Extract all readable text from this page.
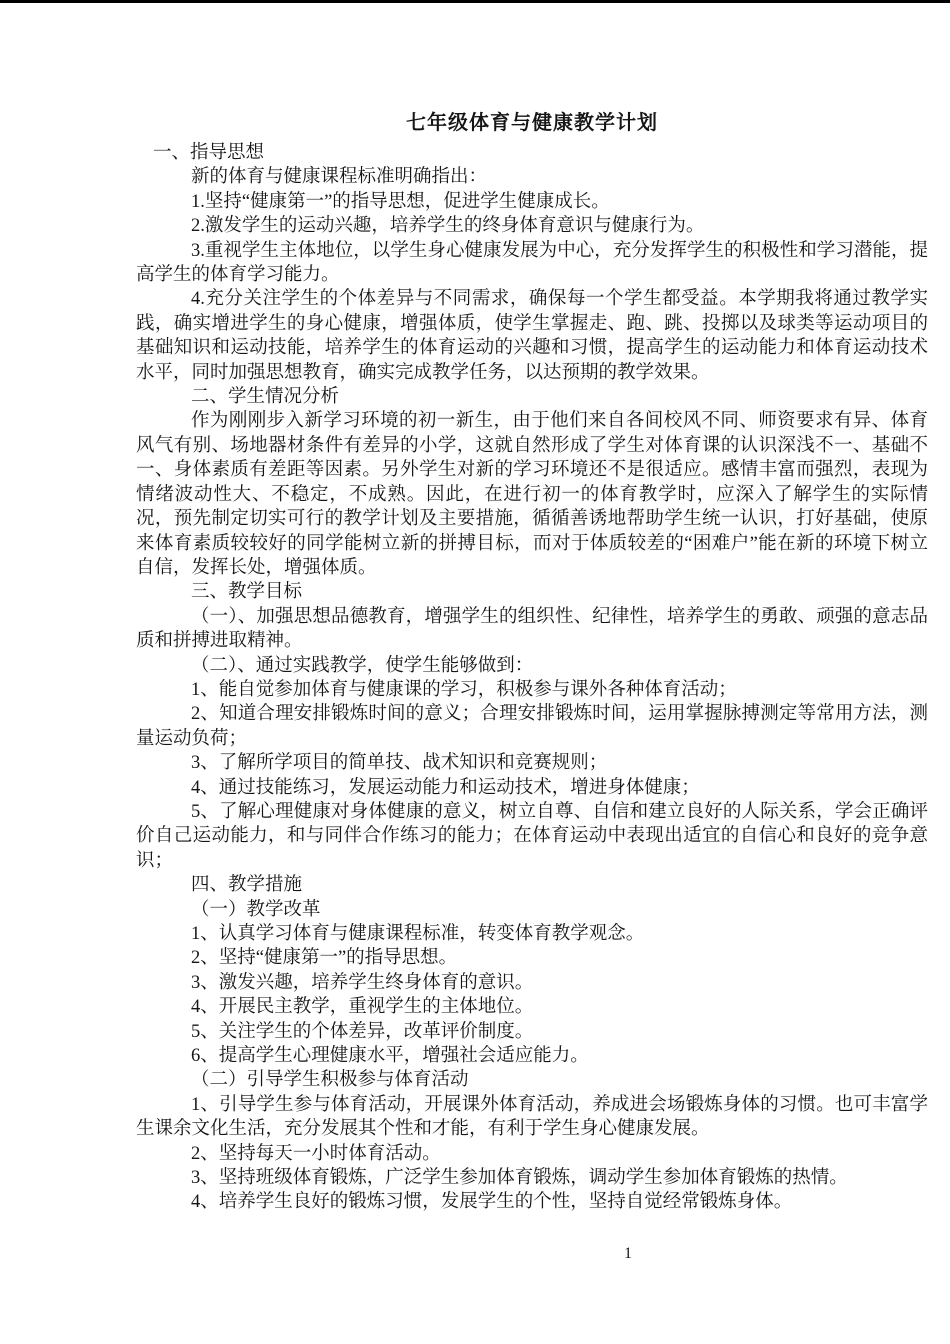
七年级体育与健康教学计划

一、指导思想

新的体育与健康课程标准明确指出：

1.坚持“健康第一”的指导思想，促进学生健康成长。

2.激发学生的运动兴趣，培养学生的终身体育意识与健康行为。

3.重视学生主体地位，以学生身心健康发展为中心，充分发挥学生的积极性和学习潜能，提高学生的体育学习能力。

4.充分关注学生的个体差异与不同需求，确保每一个学生都受益。本学期我将通过教学实践，确实增进学生的身心健康，增强体质，使学生掌握走、跑、跳、投掷以及球类等运动项目的基础知识和运动技能，培养学生的体育运动的兴趣和习惯，提高学生的运动能力和体育运动技术水平，同时加强思想教育，确实完成教学任务，以达预期的教学效果。

二、学生情况分析

作为刚刚步入新学习环境的初一新生，由于他们来自各间校风不同、师资要求有异、体育风气有别、场地器材条件有差异的小学，这就自然形成了学生对体育课的认识深浅不一、基础不一、身体素质有差距等因素。另外学生对新的学习环境还不是很适应。感情丰富而强烈，表现为情绪波动性大、不稳定，不成熟。因此，在进行初一的体育教学时，应深入了解学生的实际情况，预先制定切实可行的教学计划及主要措施，循循善诱地帮助学生统一认识，打好基础，使原来体育素质较较好的同学能树立新的拼搏目标，而对于体质较差的“困难户”能在新的环境下树立自信，发挥长处，增强体质。

三、教学目标

（一）、加强思想品德教育，增强学生的组织性、纪律性，培养学生的勇敢、顽强的意志品质和拼搏进取精神。

（二）、通过实践教学，使学生能够做到：

1、能自觉参加体育与健康课的学习，积极参与课外各种体育活动；

2、知道合理安排锻炼时间的意义；合理安排锻炼时间，运用掌握脉搏测定等常用方法，测量运动负荷；

3、了解所学项目的简单技、战术知识和竞赛规则；

4、通过技能练习，发展运动能力和运动技术，增进身体健康；

5、了解心理健康对身体健康的意义，树立自尊、自信和建立良好的人际关系，学会正确评价自己运动能力，和与同伴合作练习的能力；在体育运动中表现出适宜的自信心和良好的竞争意识；

四、教学措施

（一）教学改革

1、认真学习体育与健康课程标准，转变体育教学观念。

2、坚持“健康第一”的指导思想。

3、激发兴趣，培养学生终身体育的意识。

4、开展民主教学，重视学生的主体地位。

5、关注学生的个体差异，改革评价制度。

6、提高学生心理健康水平，增强社会适应能力。

（二）引导学生积极参与体育活动

1、引导学生参与体育活动，开展课外体育活动，养成进会场锻炼身体的习惯。也可丰富学生课余文化生活，充分发展其个性和才能，有利于学生身心健康发展。

2、坚持每天一小时体育活动。

3、坚持班级体育锻炼，广泛学生参加体育锻炼，调动学生参加体育锻炼的热情。

4、培养学生良好的锻炼习惯，发展学生的个性，坚持自觉经常锻炼身体。

1
